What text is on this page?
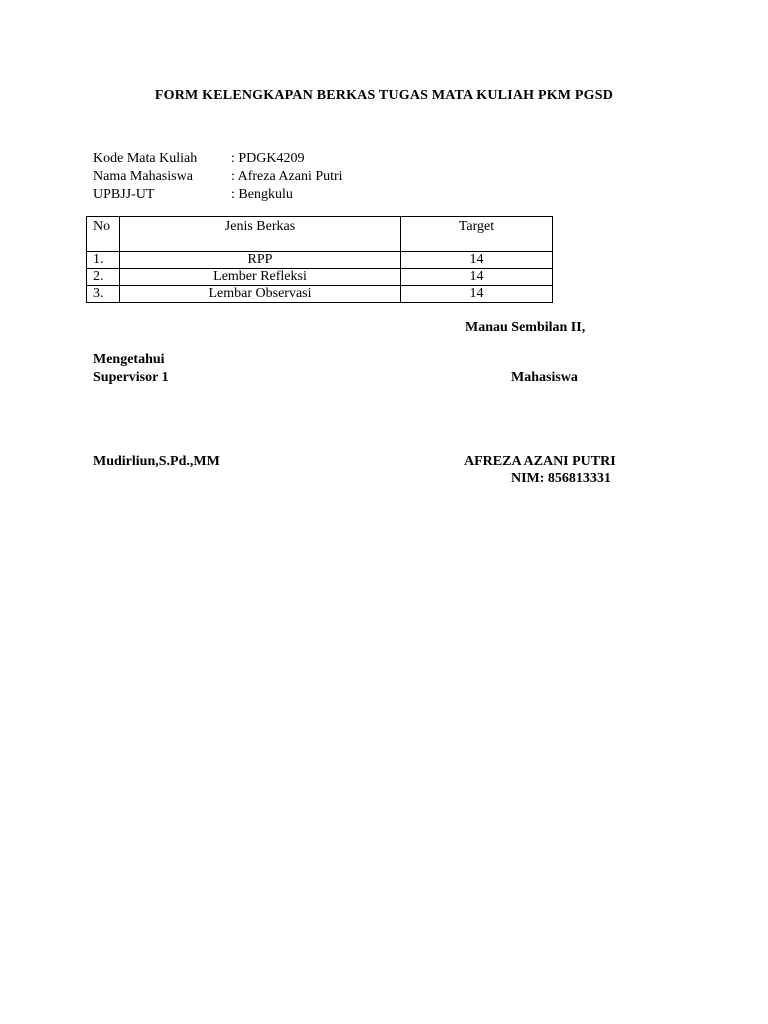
FORM KELENGKAPAN BERKAS TUGAS MATA KULIAH PKM PGSD
Kode Mata Kuliah : PDGK4209
Nama Mahasiswa	: Afreza Azani Putri
UPBJJ-UT	: Bengkulu
No	Jenis Berkas	Target
1.	RPP	14
2.	Lember Refleksi	14
3.	Lembar Observasi	14
Manau Sembilan II,
Mengetahui
Supervisor 1	Mahasiswa
Mudirliun,S.Pd.,MM	AFREZA AZANI PUTRI
NIM: 856813331
